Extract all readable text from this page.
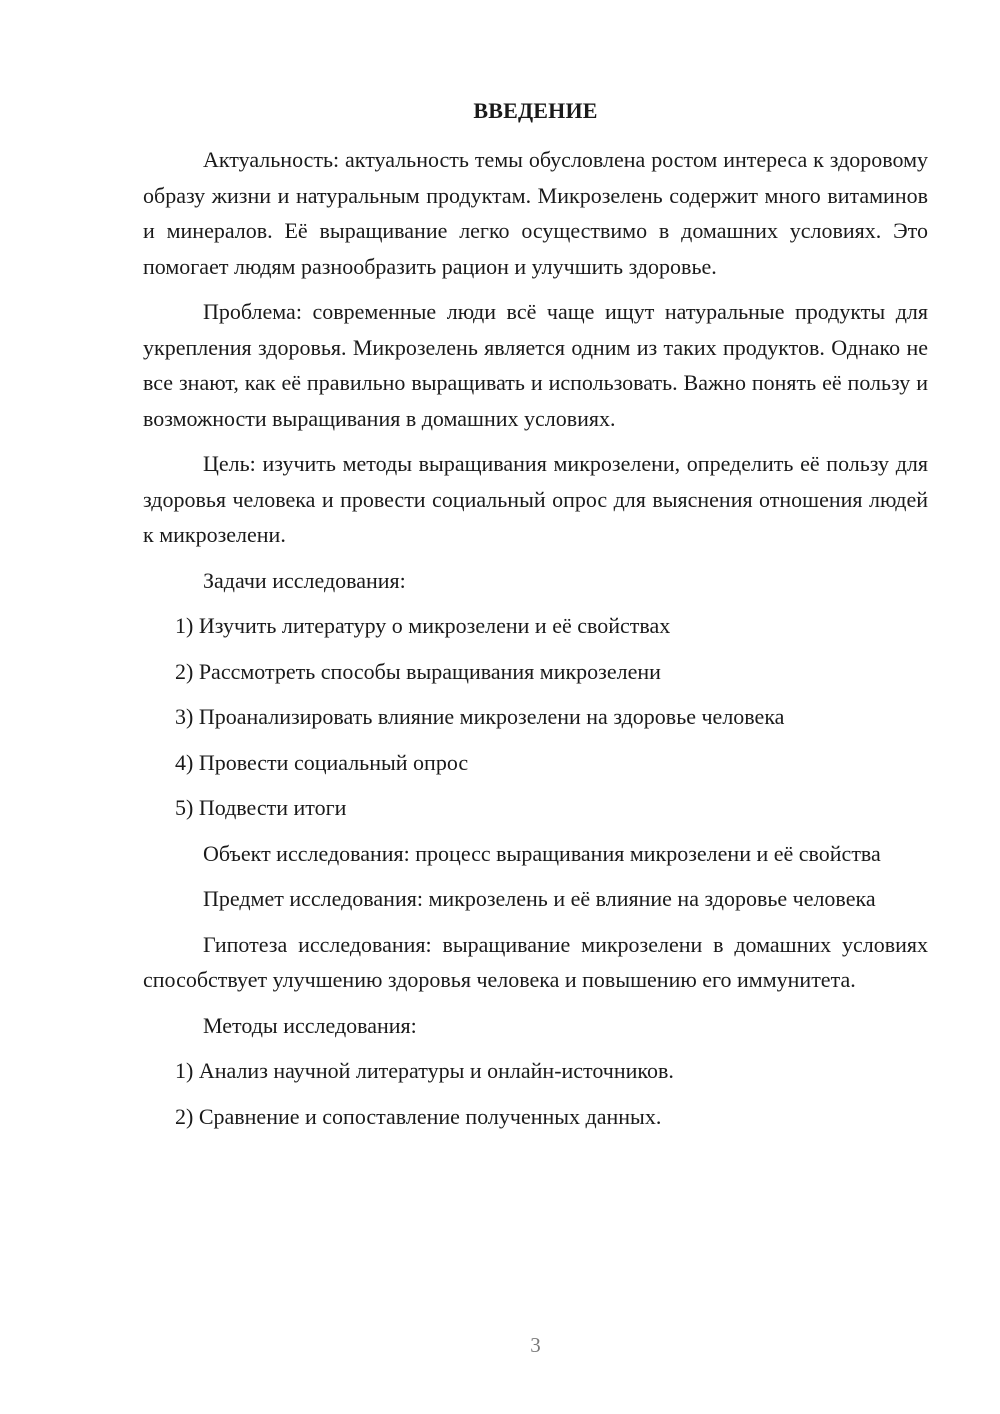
ВВЕДЕНИЕ

Актуальность: актуальность темы обусловлена ростом интереса к здоровому образу жизни и натуральным продуктам. Микрозелень содержит много витаминов и минералов. Её выращивание легко осуществимо в домашних условиях. Это помогает людям разнообразить рацион и улучшить здоровье.

Проблема: современные люди всё чаще ищут натуральные продукты для укрепления здоровья. Микрозелень является одним из таких продуктов. Однако не все знают, как её правильно выращивать и использовать. Важно понять её пользу и возможности выращивания в домашних условиях.

Цель: изучить методы выращивания микрозелени, определить её пользу для здоровья человека и провести социальный опрос для выяснения отношения людей к микрозелени.

Задачи исследования:

1) Изучить литературу о микрозелени и её свойствах

2) Рассмотреть способы выращивания микрозелени

3) Проанализировать влияние микрозелени на здоровье человека

4) Провести социальный опрос

5) Подвести итоги

Объект исследования: процесс выращивания микрозелени и её свойства

Предмет исследования: микрозелень и её влияние на здоровье человека

Гипотеза исследования: выращивание микрозелени в домашних условиях способствует улучшению здоровья человека и повышению его иммунитета.

Методы исследования:

1) Анализ научной литературы и онлайн-источников.

2) Сравнение и сопоставление полученных данных.

3
